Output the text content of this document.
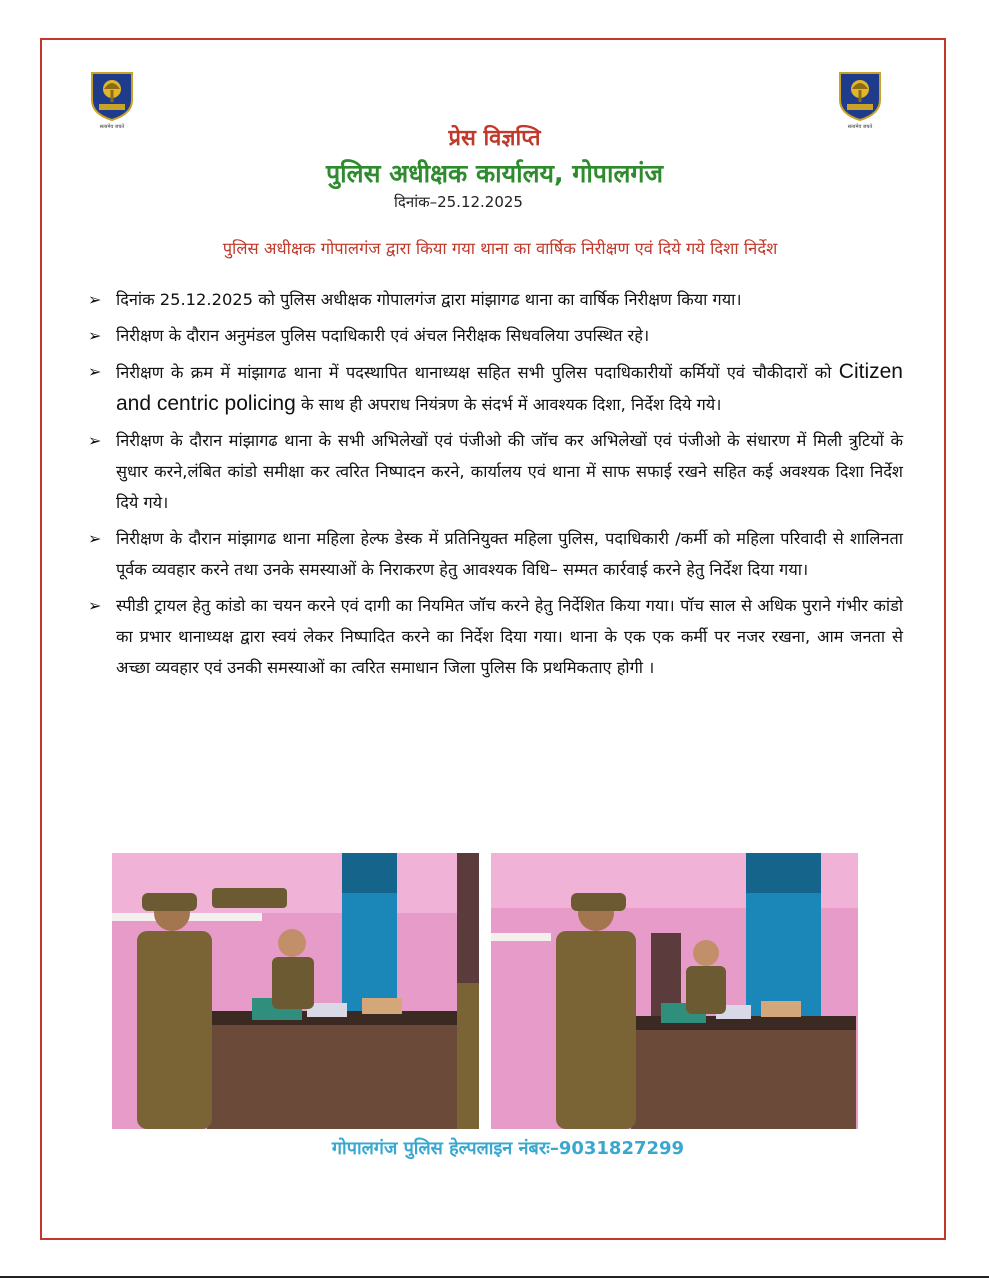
सत्यमेव जयते	सत्यमेव जयते
प्रेस विज्ञप्ति
पुलिस अधीक्षक कार्यालय, गोपालगंज
दिनांक–25.12.2025
पुलिस अधीक्षक गोपालगंज द्वारा किया गया थाना का वार्षिक निरीक्षण एवं दिये गये दिशा निर्देश
➢ दिनांक 25.12.2025 को पुलिस अधीक्षक गोपालगंज द्वारा मांझागढ थाना का वार्षिक निरीक्षण किया गया।
➢ निरीक्षण के दौरान अनुमंडल पुलिस पदाधिकारी एवं अंचल निरीक्षक सिधवलिया उपस्थित रहे।
➢ निरीक्षण के क्रम में मांझागढ थाना में पदस्थापित थानाध्यक्ष सहित सभी पुलिस पदाधिकारीयों कर्मियों एवं चौकीदारों को Citizen and centric policing के साथ ही अपराध नियंत्रण के संदर्भ में आवश्यक दिशा, निर्देश दिये गये।
➢ निरीक्षण के दौरान मांझागढ थाना के सभी अभिलेखों एवं पंजीओ की जॉच कर अभिलेखों एवं पंजीओ के संधारण में मिली त्रुटियों के सुधार करने,लंबित कांडो समीक्षा कर त्वरित निष्पादन करने, कार्यालय एवं थाना में साफ सफाई रखने सहित कई अवश्यक दिशा निर्देश दिये गये।
➢ निरीक्षण के दौरान मांझागढ थाना महिला हेल्फ डेस्क में प्रतिनियुक्त महिला पुलिस, पदाधिकारी /कर्मी को महिला परिवादी से शालिनता पूर्वक व्यवहार करने तथा उनके समस्याओं के निराकरण हेतु आवश्यक विधि– सम्मत कार्रवाई करने हेतु निर्देश दिया गया।
➢ स्पीडी ट्रायल हेतु कांडो का चयन करने एवं दागी का नियमित जॉच करने हेतु निर्देशित किया गया। पॉच साल से अधिक पुराने गंभीर कांडो का प्रभार थानाध्यक्ष द्वारा स्वयं लेकर निष्पादित करने का निर्देश दिया गया। थाना के एक एक कर्मी पर नजर रखना, आम जनता से अच्छा व्यवहार एवं उनकी समस्याओं का त्वरित समाधान जिला पुलिस कि प्रथमिकताए होगी ।
गोपालगंज पुलिस हेल्पलाइन नंबरः–9031827299
